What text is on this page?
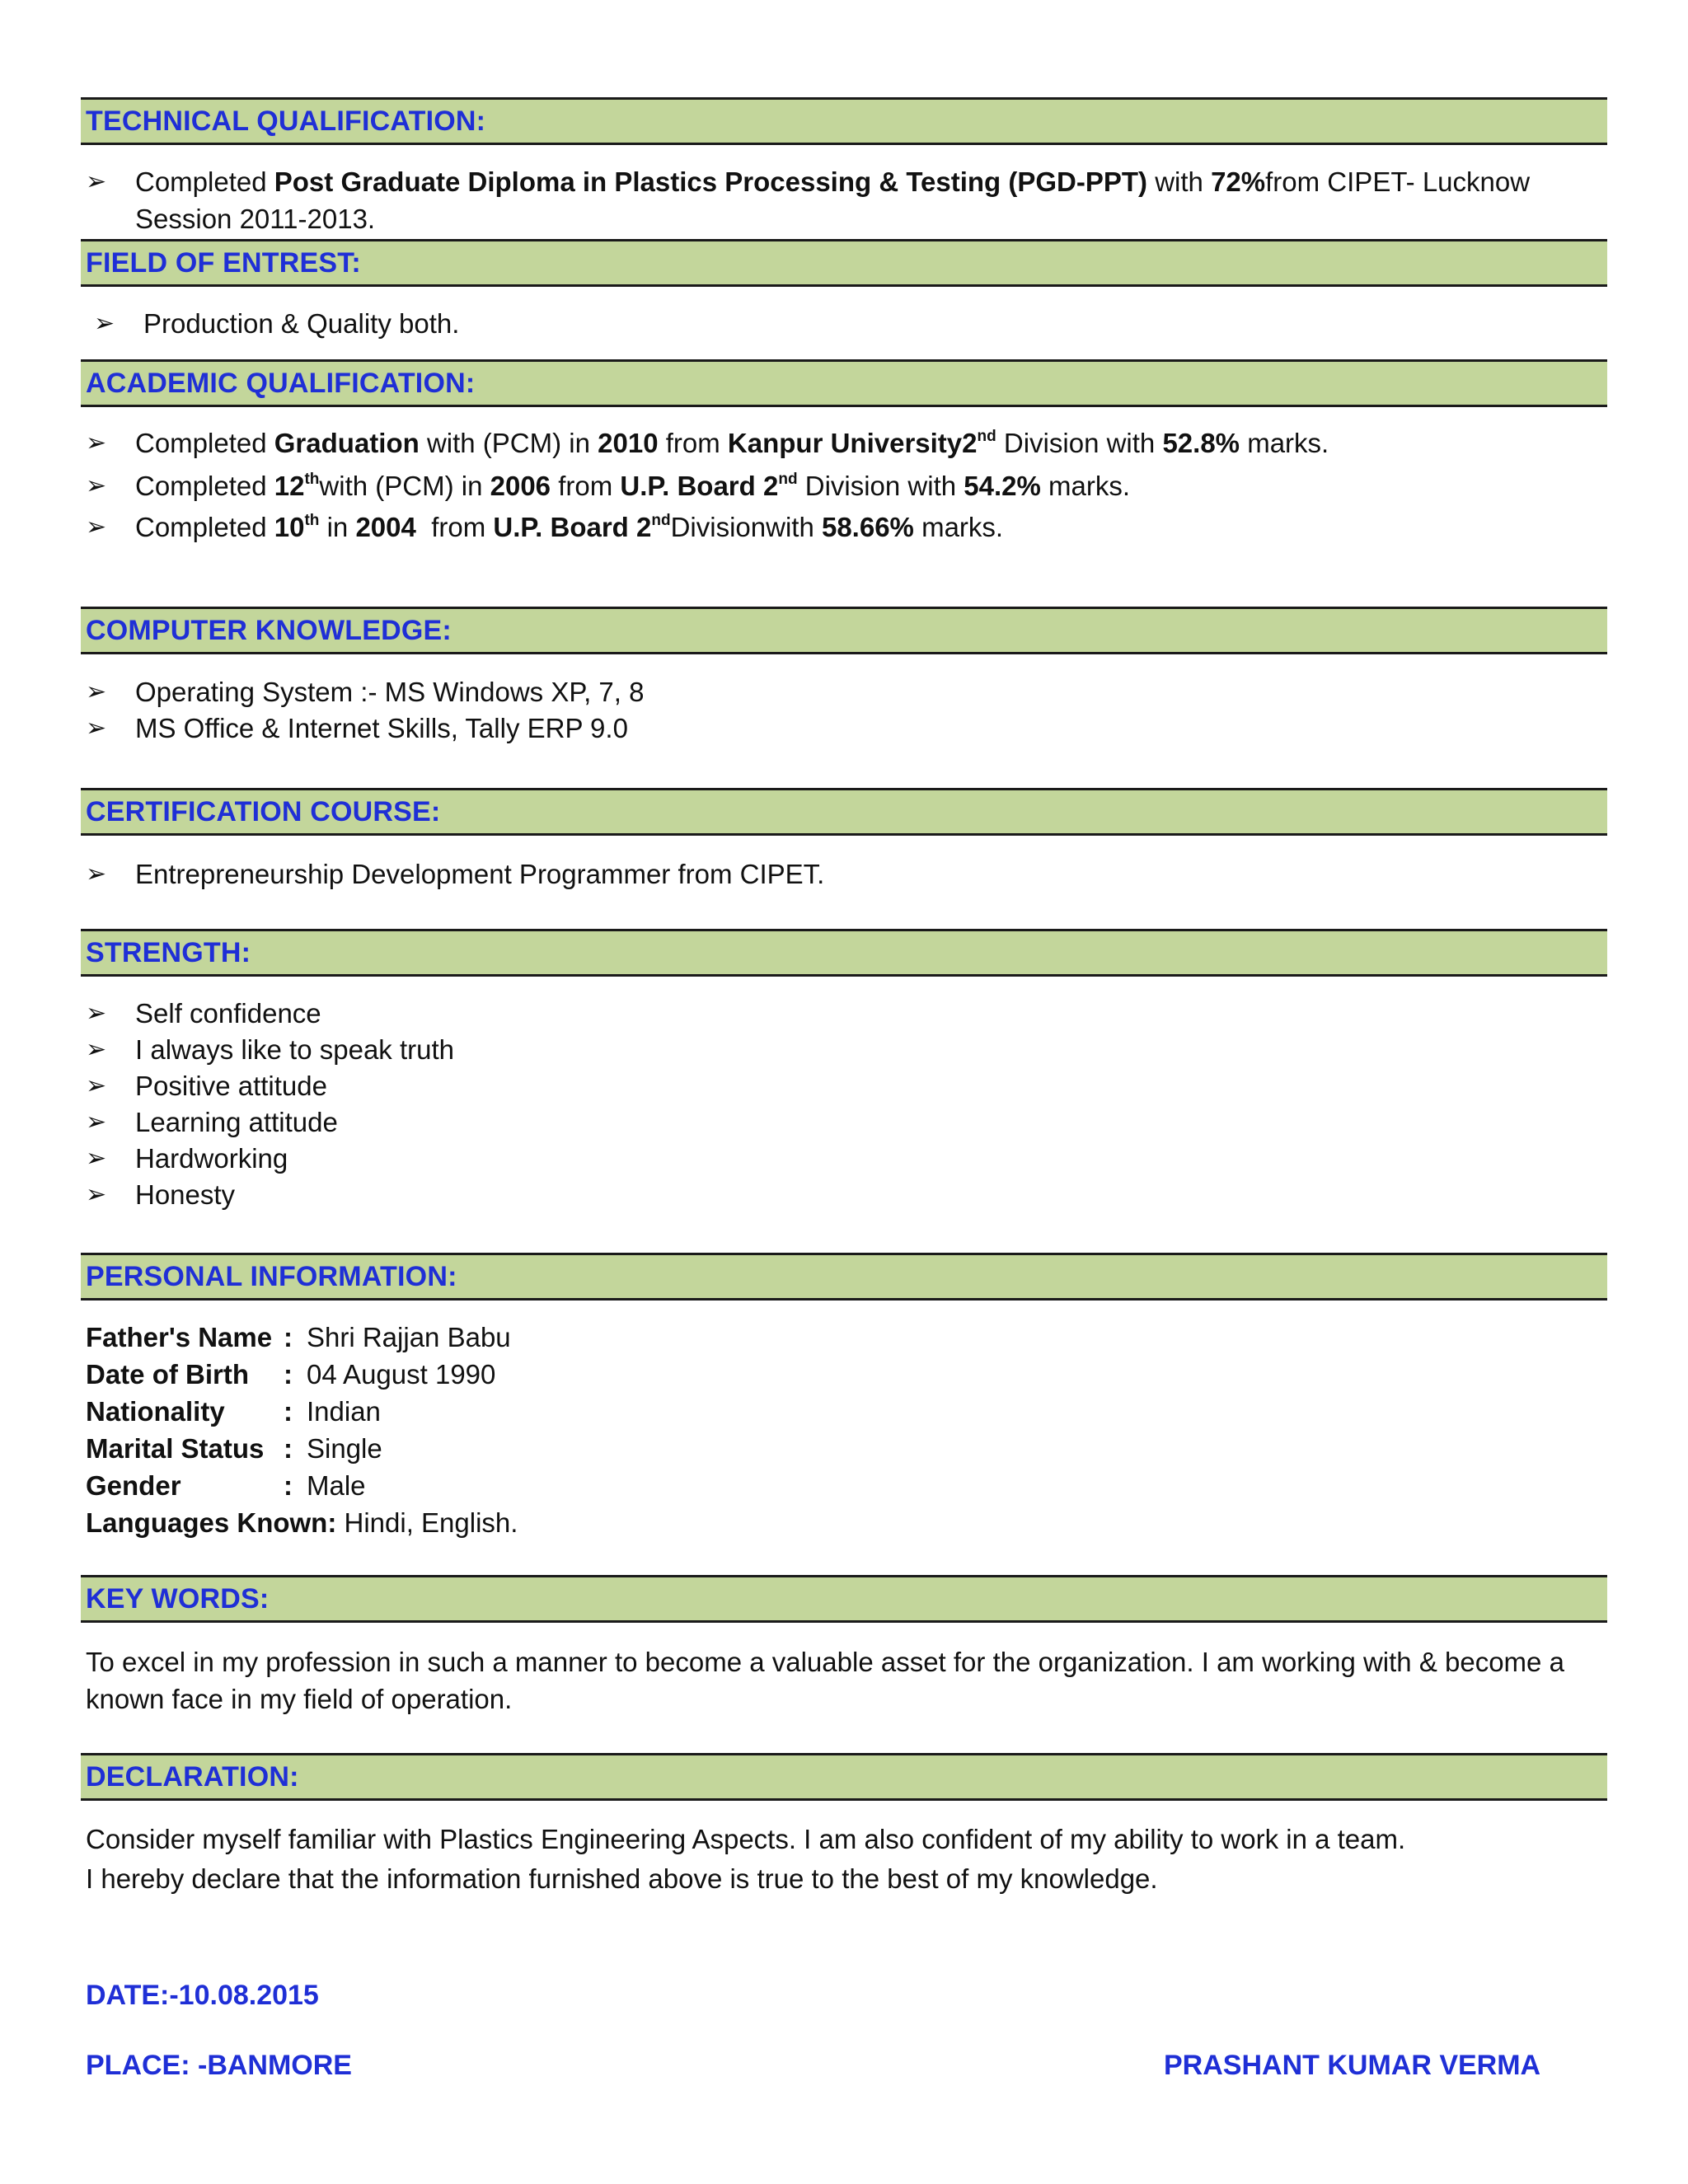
TECHNICAL QUALIFICATION:
➢ Completed Post Graduate Diploma in Plastics Processing & Testing (PGD-PPT) with 72%from CIPET- Lucknow Session 2011-2013.
FIELD OF ENTREST:
➢ Production & Quality both.
ACADEMIC QUALIFICATION:
➢ Completed Graduation with (PCM) in 2010 from Kanpur University2nd Division with 52.8% marks.
➢ Completed 12thwith (PCM) in 2006 from U.P. Board 2nd Division with 54.2% marks.
➢ Completed 10th in 2004  from U.P. Board 2ndDivisionwith 58.66% marks.
COMPUTER KNOWLEDGE:
➢ Operating System :- MS Windows XP, 7, 8
➢ MS Office & Internet Skills, Tally ERP 9.0
CERTIFICATION COURSE:
➢ Entrepreneurship Development Programmer from CIPET.
STRENGTH:
➢ Self confidence
➢ I always like to speak truth
➢ Positive attitude
➢ Learning attitude
➢ Hardworking
➢ Honesty
PERSONAL INFORMATION:
Father's Name : Shri Rajjan Babu
Date of Birth	: 04 August 1990
Nationality	: Indian
Marital Status : Single
Gender	: Male
Languages Known: Hindi, English.
KEY WORDS:
To excel in my profession in such a manner to become a valuable asset for the organization. I am working with & become a known face in my field of operation.
DECLARATION:
Consider myself familiar with Plastics Engineering Aspects. I am also confident of my ability to work in a team.
I hereby declare that the information furnished above is true to the best of my knowledge.
DATE:-10.08.2015
PLACE: -BANMORE	PRASHANT KUMAR VERMA
